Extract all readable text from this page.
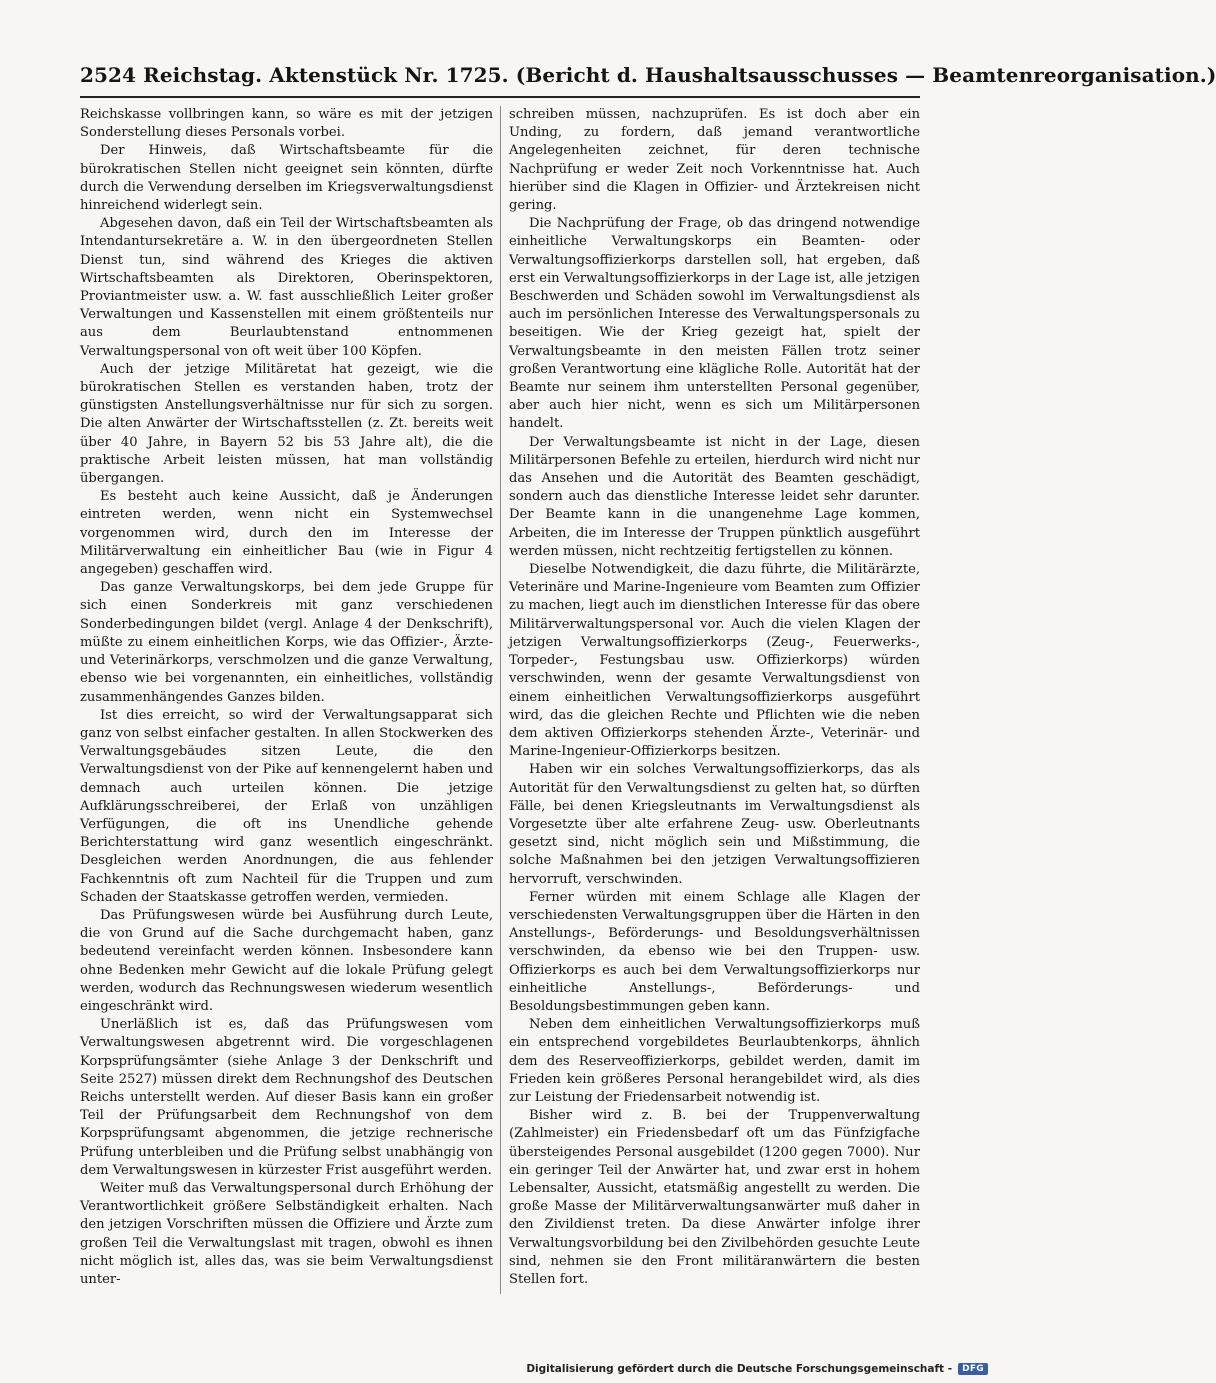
2524 Reichstag. Aktenstück Nr. 1725. (Bericht d. Haushaltsausschusses — Beamtenreorganisation.)

Reichskasse vollbringen kann, so wäre es mit der jetzigen Sonderstellung dieses Personals vorbei.

Der Hinweis, daß Wirtschaftsbeamte für die bürokratischen Stellen nicht geeignet sein könnten, dürfte durch die Verwendung derselben im Kriegsverwaltungsdienst hinreichend widerlegt sein.

Abgesehen davon, daß ein Teil der Wirtschaftsbeamten als Intendantursekretäre a. W. in den übergeordneten Stellen Dienst tun, sind während des Krieges die aktiven Wirtschaftsbeamten als Direktoren, Oberinspektoren, Proviantmeister usw. a. W. fast ausschließlich Leiter großer Verwaltungen und Kassenstellen mit einem größtenteils nur aus dem Beurlaubtenstand entnommenen Verwaltungspersonal von oft weit über 100 Köpfen.

Auch der jetzige Militäretat hat gezeigt, wie die bürokratischen Stellen es verstanden haben, trotz der günstigsten Anstellungsverhältnisse nur für sich zu sorgen. Die alten Anwärter der Wirtschaftsstellen (z. Zt. bereits weit über 40 Jahre, in Bayern 52 bis 53 Jahre alt), die die praktische Arbeit leisten müssen, hat man vollständig übergangen.

Es besteht auch keine Aussicht, daß je Änderungen eintreten werden, wenn nicht ein Systemwechsel vorgenommen wird, durch den im Interesse der Militärverwaltung ein einheitlicher Bau (wie in Figur 4 angegeben) geschaffen wird.

Das ganze Verwaltungskorps, bei dem jede Gruppe für sich einen Sonderkreis mit ganz verschiedenen Sonderbedingungen bildet (vergl. Anlage 4 der Denkschrift), müßte zu einem einheitlichen Korps, wie das Offizier-, Ärzte- und Veterinärkorps, verschmolzen und die ganze Verwaltung, ebenso wie bei vorgenannten, ein einheitliches, vollständig zusammenhängendes Ganzes bilden.

Ist dies erreicht, so wird der Verwaltungsapparat sich ganz von selbst einfacher gestalten. In allen Stockwerken des Verwaltungsgebäudes sitzen Leute, die den Verwaltungsdienst von der Pike auf kennengelernt haben und demnach auch urteilen können. Die jetzige Aufklärungsschreiberei, der Erlaß von unzähligen Verfügungen, die oft ins Unendliche gehende Berichterstattung wird ganz wesentlich eingeschränkt. Desgleichen werden Anordnungen, die aus fehlender Fachkenntnis oft zum Nachteil für die Truppen und zum Schaden der Staatskasse getroffen werden, vermieden.

Das Prüfungswesen würde bei Ausführung durch Leute, die von Grund auf die Sache durchgemacht haben, ganz bedeutend vereinfacht werden können. Insbesondere kann ohne Bedenken mehr Gewicht auf die lokale Prüfung gelegt werden, wodurch das Rechnungswesen wiederum wesentlich eingeschränkt wird.

Unerläßlich ist es, daß das Prüfungswesen vom Verwaltungswesen abgetrennt wird. Die vorgeschlagenen Korpsprüfungsämter (siehe Anlage 3 der Denkschrift und Seite 2527) müssen direkt dem Rechnungshof des Deutschen Reichs unterstellt werden. Auf dieser Basis kann ein großer Teil der Prüfungsarbeit dem Rechnungshof von dem Korpsprüfungsamt abgenommen, die jetzige rechnerische Prüfung unterbleiben und die Prüfung selbst unabhängig von dem Verwaltungswesen in kürzester Frist ausgeführt werden.

Weiter muß das Verwaltungspersonal durch Erhöhung der Verantwortlichkeit größere Selbständigkeit erhalten. Nach den jetzigen Vorschriften müssen die Offiziere und Ärzte zum großen Teil die Verwaltungslast mit tragen, obwohl es ihnen nicht möglich ist, alles das, was sie beim Verwaltungsdienst unter-

schreiben müssen, nachzuprüfen. Es ist doch aber ein Unding, zu fordern, daß jemand verantwortliche Angelegenheiten zeichnet, für deren technische Nachprüfung er weder Zeit noch Vorkenntnisse hat. Auch hierüber sind die Klagen in Offizier- und Ärztekreisen nicht gering.

Die Nachprüfung der Frage, ob das dringend notwendige einheitliche Verwaltungskorps ein Beamten- oder Verwaltungsoffizierkorps darstellen soll, hat ergeben, daß erst ein Verwaltungsoffizierkorps in der Lage ist, alle jetzigen Beschwerden und Schäden sowohl im Verwaltungsdienst als auch im persönlichen Interesse des Verwaltungspersonals zu beseitigen. Wie der Krieg gezeigt hat, spielt der Verwaltungsbeamte in den meisten Fällen trotz seiner großen Verantwortung eine klägliche Rolle. Autorität hat der Beamte nur seinem ihm unterstellten Personal gegenüber, aber auch hier nicht, wenn es sich um Militärpersonen handelt.

Der Verwaltungsbeamte ist nicht in der Lage, diesen Militärpersonen Befehle zu erteilen, hierdurch wird nicht nur das Ansehen und die Autorität des Beamten geschädigt, sondern auch das dienstliche Interesse leidet sehr darunter. Der Beamte kann in die unangenehme Lage kommen, Arbeiten, die im Interesse der Truppen pünktlich ausgeführt werden müssen, nicht rechtzeitig fertigstellen zu können.

Dieselbe Notwendigkeit, die dazu führte, die Militärärzte, Veterinäre und Marine-Ingenieure vom Beamten zum Offizier zu machen, liegt auch im dienstlichen Interesse für das obere Militärverwaltungspersonal vor. Auch die vielen Klagen der jetzigen Verwaltungsoffizierkorps (Zeug-, Feuerwerks-, Torpeder-, Festungsbau usw. Offizierkorps) würden verschwinden, wenn der gesamte Verwaltungsdienst von einem einheitlichen Verwaltungsoffizierkorps ausgeführt wird, das die gleichen Rechte und Pflichten wie die neben dem aktiven Offizierkorps stehenden Ärzte-, Veterinär- und Marine-Ingenieur-Offizierkorps besitzen.

Haben wir ein solches Verwaltungsoffizierkorps, das als Autorität für den Verwaltungsdienst zu gelten hat, so dürften Fälle, bei denen Kriegsleutnants im Verwaltungsdienst als Vorgesetzte über alte erfahrene Zeug- usw. Oberleutnants gesetzt sind, nicht möglich sein und Mißstimmung, die solche Maßnahmen bei den jetzigen Verwaltungsoffizieren hervorruft, verschwinden.

Ferner würden mit einem Schlage alle Klagen der verschiedensten Verwaltungsgruppen über die Härten in den Anstellungs-, Beförderungs- und Besoldungsverhältnissen verschwinden, da ebenso wie bei den Truppen- usw. Offizierkorps es auch bei dem Verwaltungsoffizierkorps nur einheitliche Anstellungs-, Beförderungs- und Besoldungsbestimmungen geben kann.

Neben dem einheitlichen Verwaltungsoffizierkorps muß ein entsprechend vorgebildetes Beurlaubtenkorps, ähnlich dem des Reserveoffizierkorps, gebildet werden, damit im Frieden kein größeres Personal herangebildet wird, als dies zur Leistung der Friedensarbeit notwendig ist.

Bisher wird z. B. bei der Truppenverwaltung (Zahlmeister) ein Friedensbedarf oft um das Fünfzigfache übersteigendes Personal ausgebildet (1200 gegen 7000). Nur ein geringer Teil der Anwärter hat, und zwar erst in hohem Lebensalter, Aussicht, etatsmäßig angestellt zu werden. Die große Masse der Militärverwaltungsanwärter muß daher in den Zivildienst treten. Da diese Anwärter infolge ihrer Verwaltungsvorbildung bei den Zivilbehörden gesuchte Leute sind, nehmen sie den Front militäranwärtern die besten Stellen fort.

Digitalisierung gefördert durch die Deutsche Forschungsgemeinschaft -	DFG
